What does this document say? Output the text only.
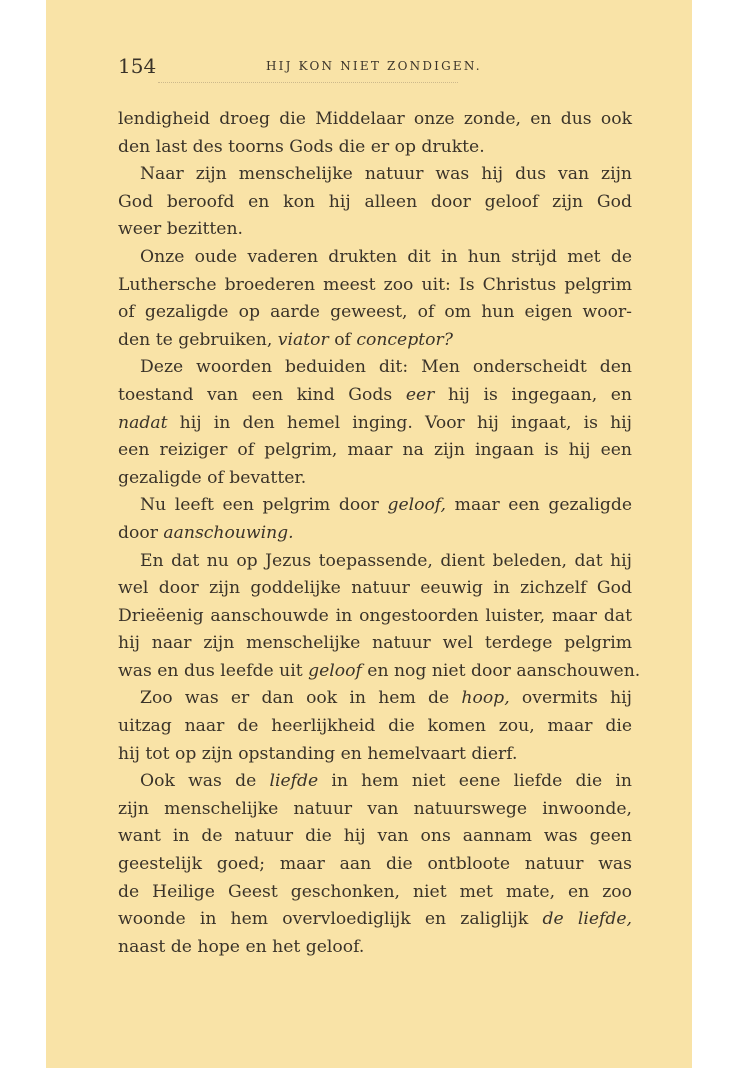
154	HIJ KON NIET ZONDIGEN.
lendigheid droeg die Middelaar onze zonde, en dus ook
den last des toorns Gods die er op drukte.
Naar zijn menschelijke natuur was hij dus van zijn
God beroofd en kon hij alleen door geloof zijn God
weer bezitten.
Onze oude vaderen drukten dit in hun strijd met de
Luthersche broederen meest zoo uit: Is Christus pelgrim
of gezaligde op aarde geweest, of om hun eigen woor-
den te gebruiken, viator of conceptor?
Deze woorden beduiden dit: Men onderscheidt den
toestand van een kind Gods eer hij is ingegaan, en
nadat hij in den hemel inging. Voor hij ingaat, is hij
een reiziger of pelgrim, maar na zijn ingaan is hij een
gezaligde of bevatter.
Nu leeft een pelgrim door geloof, maar een gezaligde
door aanschouwing.
En dat nu op Jezus toepassende, dient beleden, dat hij
wel door zijn goddelijke natuur eeuwig in zichzelf God
Drieëenig aanschouwde in ongestoorden luister, maar dat
hij naar zijn menschelijke natuur wel terdege pelgrim
was en dus leefde uit geloof en nog niet door aanschouwen.
Zoo was er dan ook in hem de hoop, overmits hij
uitzag naar de heerlijkheid die komen zou, maar die
hij tot op zijn opstanding en hemelvaart dierf.
Ook was de liefde in hem niet eene liefde die in
zijn menschelijke natuur van natuurswege inwoonde,
want in de natuur die hij van ons aannam was geen
geestelijk goed; maar aan die ontbloote natuur was
de Heilige Geest geschonken, niet met mate, en zoo
woonde in hem overvloediglijk en zaliglijk de liefde,
naast de hope en het geloof.
